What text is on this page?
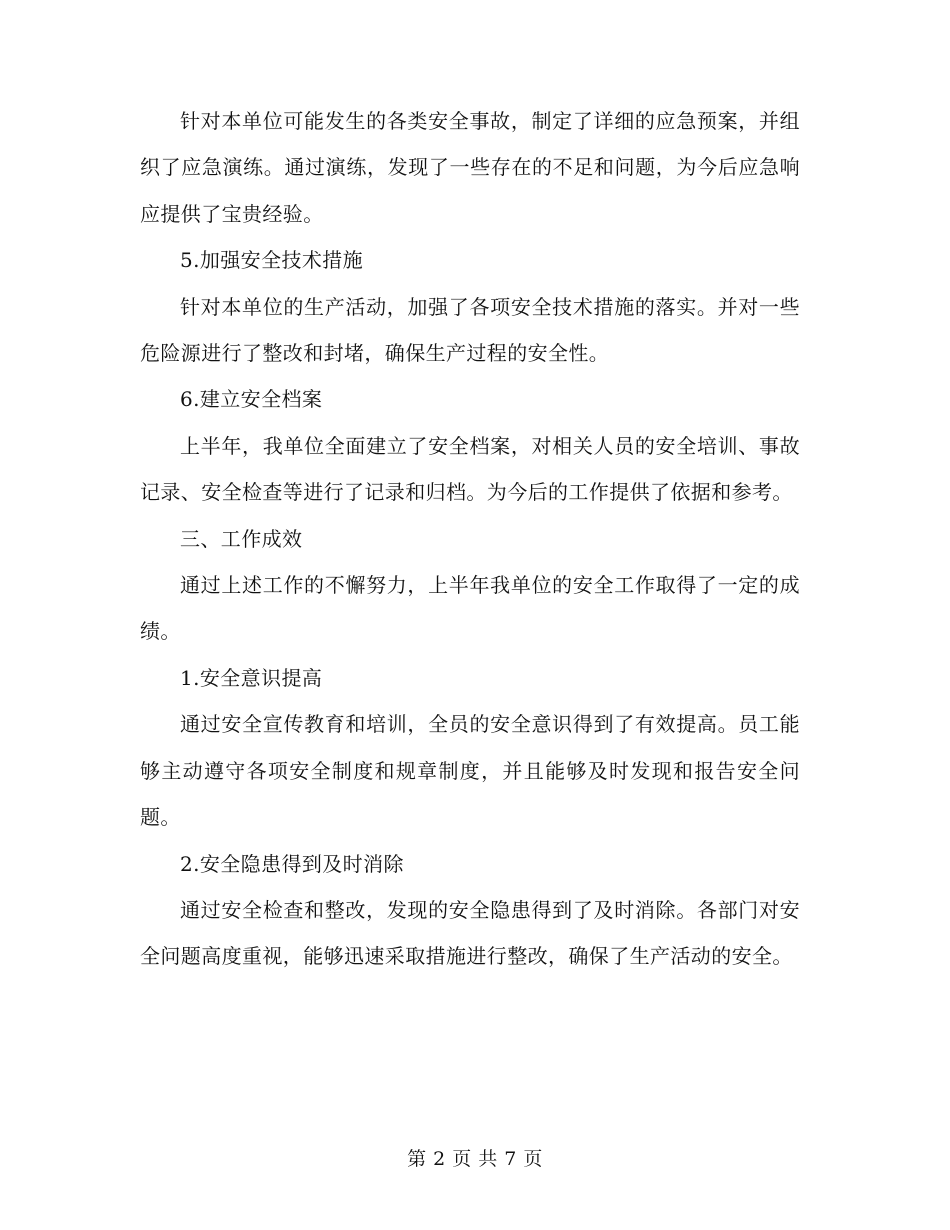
针对本单位可能发生的各类安全事故，制定了详细的应急预案，并组织了应急演练。通过演练，发现了一些存在的不足和问题，为今后应急响应提供了宝贵经验。

5.加强安全技术措施

针对本单位的生产活动，加强了各项安全技术措施的落实。并对一些危险源进行了整改和封堵，确保生产过程的安全性。

6.建立安全档案

上半年，我单位全面建立了安全档案，对相关人员的安全培训、事故记录、安全检查等进行了记录和归档。为今后的工作提供了依据和参考。

三、工作成效

通过上述工作的不懈努力，上半年我单位的安全工作取得了一定的成绩。

1.安全意识提高

通过安全宣传教育和培训，全员的安全意识得到了有效提高。员工能够主动遵守各项安全制度和规章制度，并且能够及时发现和报告安全问题。

2.安全隐患得到及时消除

通过安全检查和整改，发现的安全隐患得到了及时消除。各部门对安全问题高度重视，能够迅速采取措施进行整改，确保了生产活动的安全。

第 2 页 共 7 页
